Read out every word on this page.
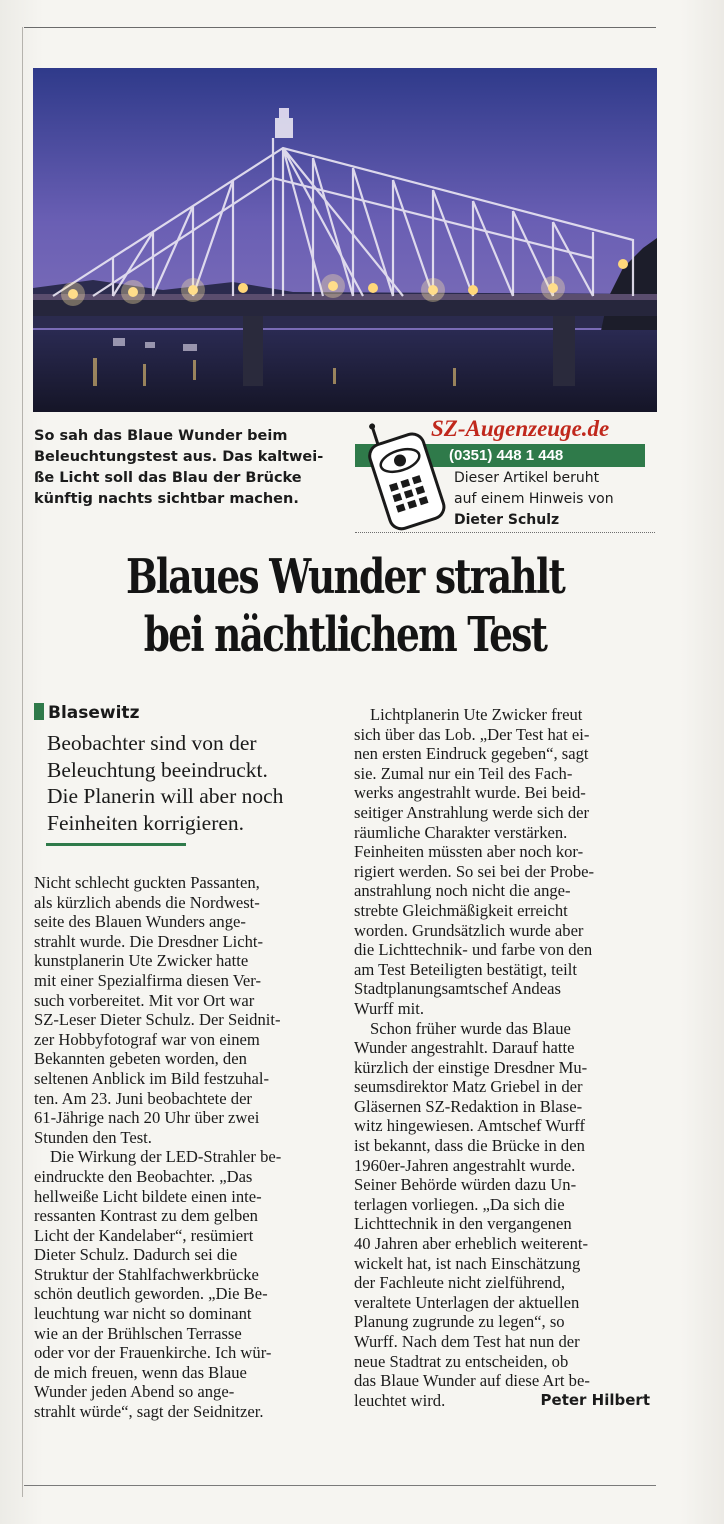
So sah das Blaue Wunder beim
Beleuchtungstest aus. Das kaltwei-
ße Licht soll das Blau der Brücke
künftig nachts sichtbar machen.
SZ-Augenzeuge.de
(0351) 448 1 448
Dieser Artikel beruht
auf einem Hinweis von
Dieter Schulz
Blaues Wunder strahlt
bei nächtlichem Test
Blasewitz
Beobachter sind von der
Beleuchtung beeindruckt.
Die Planerin will aber noch
Feinheiten korrigieren.
Nicht schlecht guckten Passanten,
als kürzlich abends die Nordwest-
seite des Blauen Wunders ange-
strahlt wurde. Die Dresdner Licht-
kunstplanerin Ute Zwicker hatte
mit einer Spezialfirma diesen Ver-
such vorbereitet. Mit vor Ort war
SZ-Leser Dieter Schulz. Der Seidnit-
zer Hobbyfotograf war von einem
Bekannten gebeten worden, den
seltenen Anblick im Bild festzuhal-
ten. Am 23. Juni beobachtete der
61-Jährige nach 20 Uhr über zwei
Stunden den Test.
Die Wirkung der LED-Strahler be-
eindruckte den Beobachter. „Das
hellweiße Licht bildete einen inte-
ressanten Kontrast zu dem gelben
Licht der Kandelaber“, resümiert
Dieter Schulz. Dadurch sei die
Struktur der Stahlfachwerkbrücke
schön deutlich geworden. „Die Be-
leuchtung war nicht so dominant
wie an der Brühlschen Terrasse
oder vor der Frauenkirche. Ich wür-
de mich freuen, wenn das Blaue
Wunder jeden Abend so ange-
strahlt würde“, sagt der Seidnitzer.
Lichtplanerin Ute Zwicker freut
sich über das Lob. „Der Test hat ei-
nen ersten Eindruck gegeben“, sagt
sie. Zumal nur ein Teil des Fach-
werks angestrahlt wurde. Bei beid-
seitiger Anstrahlung werde sich der
räumliche Charakter verstärken.
Feinheiten müssten aber noch kor-
rigiert werden. So sei bei der Probe-
anstrahlung noch nicht die ange-
strebte Gleichmäßigkeit erreicht
worden. Grundsätzlich wurde aber
die Lichttechnik- und farbe von den
am Test Beteiligten bestätigt, teilt
Stadtplanungsamtschef Andeas
Wurff mit.
Schon früher wurde das Blaue
Wunder angestrahlt. Darauf hatte
kürzlich der einstige Dresdner Mu-
seumsdirektor Matz Griebel in der
Gläsernen SZ-Redaktion in Blase-
witz hingewiesen. Amtschef Wurff
ist bekannt, dass die Brücke in den
1960er-Jahren angestrahlt wurde.
Seiner Behörde würden dazu Un-
terlagen vorliegen. „Da sich die
Lichttechnik in den vergangenen
40 Jahren aber erheblich weiterent-
wickelt hat, ist nach Einschätzung
der Fachleute nicht zielführend,
veraltete Unterlagen der aktuellen
Planung zugrunde zu legen“, so
Wurff. Nach dem Test hat nun der
neue Stadtrat zu entscheiden, ob
das Blaue Wunder auf diese Art be-
leuchtet wird.	Peter Hilbert
